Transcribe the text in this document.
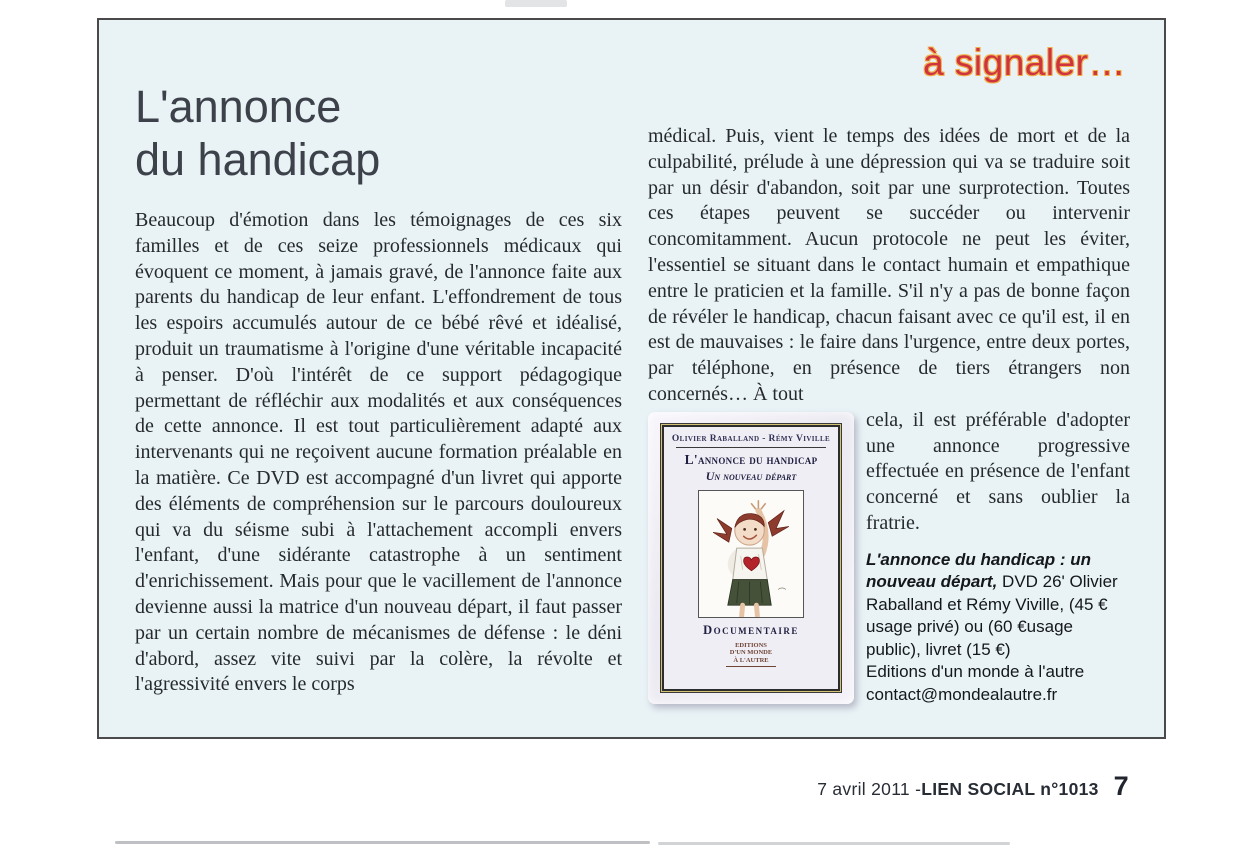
à signaler…
L'annonce
du handicap

Beaucoup d'émotion dans les témoignages de ces six familles et de ces seize professionnels médicaux qui évoquent ce moment, à jamais gravé, de l'annonce faite aux parents du handicap de leur enfant. L'effondrement de tous les espoirs accumulés autour de ce bébé rêvé et idéalisé, produit un traumatisme à l'origine d'une véritable incapacité à penser. D'où l'intérêt de ce support pédagogique permettant de réfléchir aux modalités et aux conséquences de cette annonce. Il est tout particulièrement adapté aux intervenants qui ne reçoivent aucune formation préalable en la matière. Ce DVD est accompagné d'un livret qui apporte des éléments de compréhension sur le parcours douloureux qui va du séisme subi à l'attachement accompli envers l'enfant, d'une sidérante catastrophe à un sentiment d'enrichissement. Mais pour que le vacillement de l'annonce devienne aussi la matrice d'un nouveau départ, il faut passer par un certain nombre de mécanismes de défense : le déni d'abord, assez vite suivi par la colère, la révolte et l'agressivité envers le corps

médical. Puis, vient le temps des idées de mort et de la culpabilité, prélude à une dépression qui va se traduire soit par un désir d'abandon, soit par une surprotection. Toutes ces étapes peuvent se succéder ou intervenir concomitamment. Aucun protocole ne peut les éviter, l'essentiel se situant dans le contact humain et empathique entre le praticien et la famille. S'il n'y a pas de bonne façon de révéler le handicap, chacun faisant avec ce qu'il est, il en est de mauvaises : le faire dans l'urgence, entre deux portes, par téléphone, en présence de tiers étrangers non concernés… À tout

Olivier Raballand - Rémy Viville
L'annonce du handicap
Un nouveau départ
Documentaire
EDITIONS
D'UN MONDE
À L'AUTRE

cela, il est préférable d'adopter une annonce progressive effectuée en présence de l'enfant concerné et sans oublier la fratrie.

L'annonce du handicap : un nouveau départ, DVD 26' Olivier Raballand et Rémy Viville, (45 € usage privé) ou (60 €usage public), livret (15 €)
Editions d'un monde à l'autre
contact@mondealautre.fr
7 avril 2011 - LIEN SOCIAL n°1013 7
